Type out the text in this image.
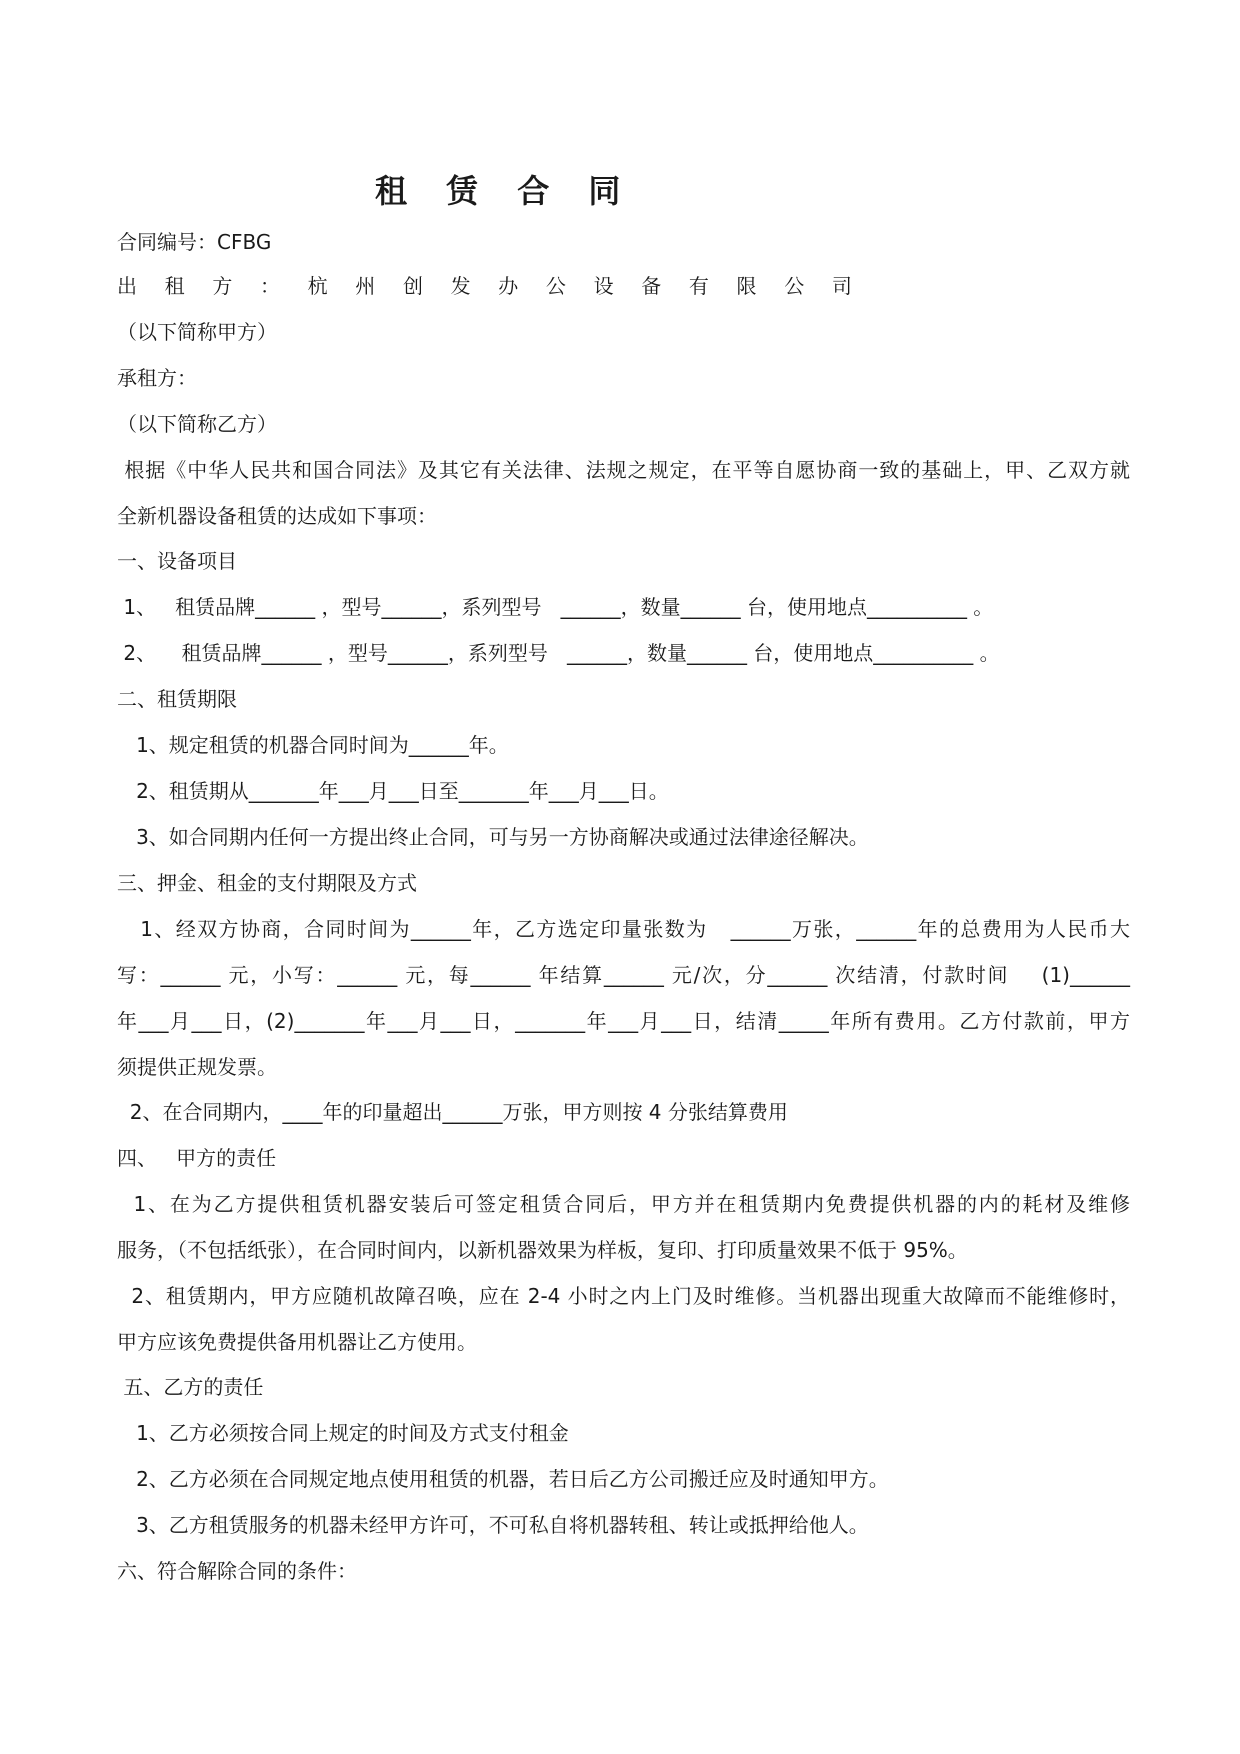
租 赁 合 同
合同编号：CFBG
出 租 方 ： 杭 州 创 发 办 公 设 备 有 限 公 司
（以下简称甲方）
承租方：
（以下简称乙方）
根据《中华人民共和国合同法》及其它有关法律、法规之规定，在平等自愿协商一致的基础上，甲、乙双方就
全新机器设备租赁的达成如下事项：
一、设备项目
1、   租赁品牌______ ，型号______，系列型号   ______，数量______ 台，使用地点__________ 。
2、    租赁品牌______ ，型号______，系列型号   ______，数量______ 台，使用地点__________ 。
二、租赁期限
1、规定租赁的机器合同时间为______年。
2、租赁期从_______年___月___日至_______年___月___日。
3、如合同期内任何一方提出终止合同，可与另一方协商解决或通过法律途径解决。
三、押金、租金的支付期限及方式
1、经双方协商，合同时间为______年，乙方选定印量张数为   ______万张，______年的总费用为人民币大
写：______ 元，小写：______ 元，每______ 年结算______ 元/次，分______ 次结清，付款时间    (1)______
年___月___日，(2)_______年___月___日，_______年___月___日，结清_____年所有费用。乙方付款前，甲方
须提供正规发票。
2、在合同期内，____年的印量超出______万张，甲方则按 4 分张结算费用
四、   甲方的责任
1、在为乙方提供租赁机器安装后可签定租赁合同后，甲方并在租赁期内免费提供机器的内的耗材及维修
服务，（不包括纸张），在合同时间内，以新机器效果为样板，复印、打印质量效果不低于 95%。
2、租赁期内，甲方应随机故障召唤，应在 2-4 小时之内上门及时维修。当机器出现重大故障而不能维修时，
甲方应该免费提供备用机器让乙方使用。
五、乙方的责任
1、乙方必须按合同上规定的时间及方式支付租金
2、乙方必须在合同规定地点使用租赁的机器，若日后乙方公司搬迁应及时通知甲方。
3、乙方租赁服务的机器未经甲方许可，不可私自将机器转租、转让或抵押给他人。
六、符合解除合同的条件：
